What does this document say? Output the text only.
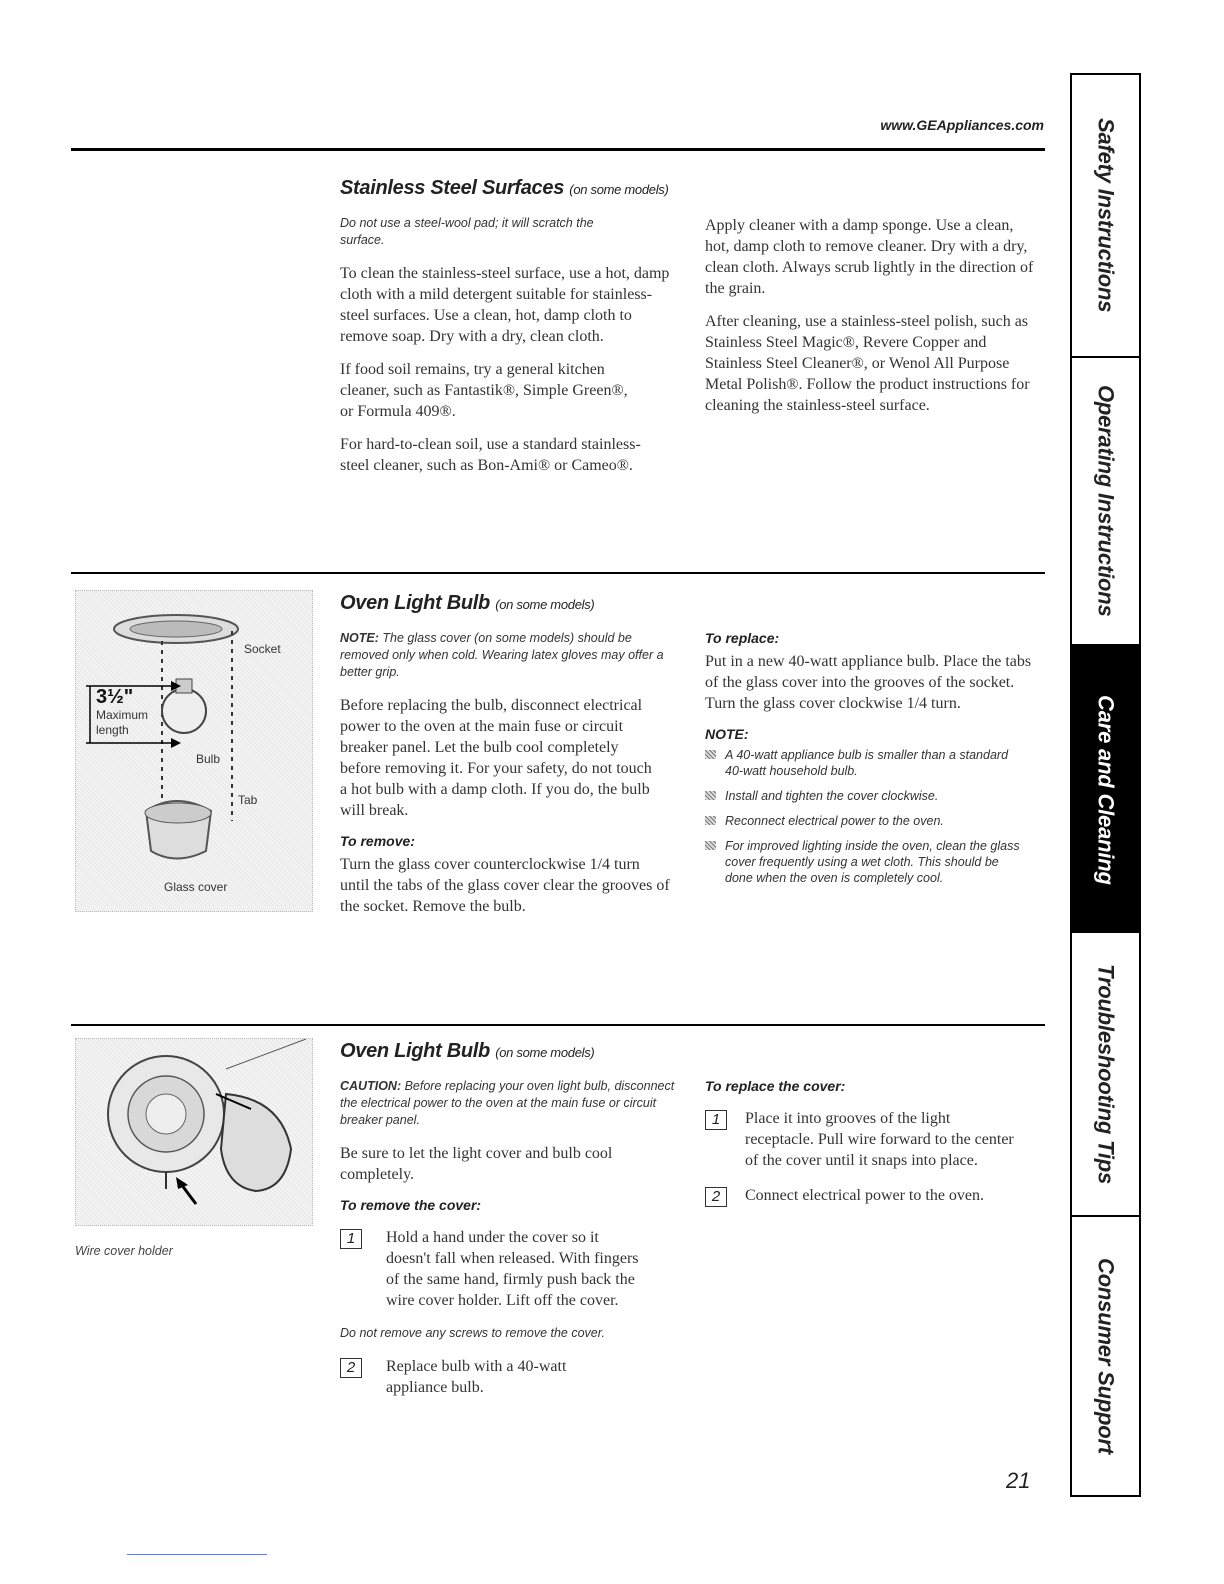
www.GEAppliances.com Safety Instructions
Operating Instructions
Care and Cleaning
Troubleshooting Tips
Consumer Support
Stainless Steel Surfaces (on some models)

Do not use a steel-wool pad; it will scratch the surface.

To clean the stainless-steel surface, use a hot, damp cloth with a mild detergent suitable for stainless-steel surfaces. Use a clean, hot, damp cloth to remove soap. Dry with a dry, clean cloth.

If food soil remains, try a general kitchen cleaner, such as Fantastik®, Simple Green®, or Formula 409®.

For hard-to-clean soil, use a standard stainless-steel cleaner, such as Bon-Ami® or Cameo®.

Apply cleaner with a damp sponge. Use a clean, hot, damp cloth to remove cleaner. Dry with a dry, clean cloth. Always scrub lightly in the direction of the grain.

After cleaning, use a stainless-steel polish, such as Stainless Steel Magic®, Revere Copper and Stainless Steel Cleaner®, or Wenol All Purpose Metal Polish®. Follow the product instructions for cleaning the stainless-steel surface.

Socket
3½"
Maximum
length
Bulb
Tab
Glass cover
Oven Light Bulb (on some models)

NOTE: The glass cover (on some models) should be removed only when cold. Wearing latex gloves may offer a better grip.

Before replacing the bulb, disconnect electrical power to the oven at the main fuse or circuit breaker panel. Let the bulb cool completely before removing it. For your safety, do not touch a hot bulb with a damp cloth. If you do, the bulb will break.

To remove:

Turn the glass cover counterclockwise 1/4 turn until the tabs of the glass cover clear the grooves of the socket. Remove the bulb.

To replace:

Put in a new 40-watt appliance bulb. Place the tabs of the glass cover into the grooves of the socket. Turn the glass cover clockwise 1/4 turn.

NOTE:

A 40-watt appliance bulb is smaller than a standard 40-watt household bulb.

Install and tighten the cover clockwise.

Reconnect electrical power to the oven.

For improved lighting inside the oven, clean the glass cover frequently using a wet cloth. This should be done when the oven is completely cool.

Wire cover holder
Oven Light Bulb (on some models)

CAUTION: Before replacing your oven light bulb, disconnect the electrical power to the oven at the main fuse or circuit breaker panel.

Be sure to let the light cover and bulb cool completely.

To remove the cover:

1	Hold a hand under the cover so it doesn't fall when released. With fingers of the same hand, firmly push back the wire cover holder. Lift off the cover.

Do not remove any screws to remove the cover.

2	Replace bulb with a 40-watt appliance bulb.

To replace the cover:

1	Place it into grooves of the light receptacle. Pull wire forward to the center of the cover until it snaps into place.

2	Connect electrical power to the oven.

21
